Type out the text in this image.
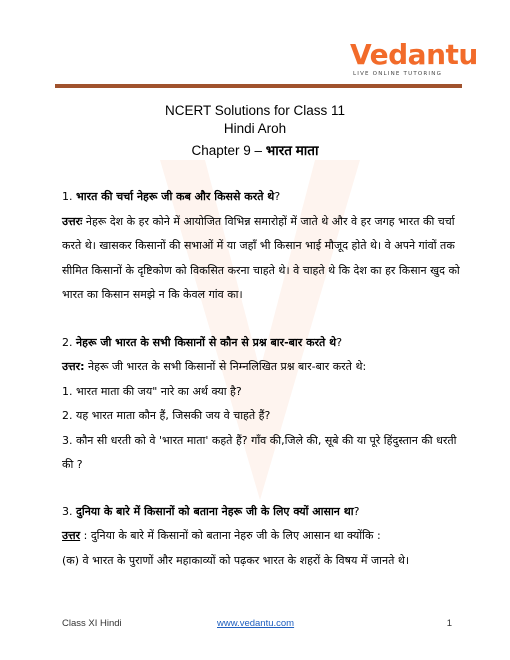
Vedantu
LIVE ONLINE TUTORING
NCERT Solutions for Class 11
Hindi Aroh
Chapter 9 – भारत माता

1. भारत की चर्चा नेहरू जी कब और किससे करते थे?

उत्तरः नेहरू देश के हर कोने में आयोजित विभिन्न समारोहों में जाते थे और वे हर जगह भारत की चर्चा करते थे। खासकर किसानों की सभाओं में या जहाँ भी किसान भाई मौजूद होते थे। वे अपने गांवों तक सीमित किसानों के दृष्टिकोण को विकसित करना चाहते थे। वे चाहते थे कि देश का हर किसान खुद को भारत का किसान समझे न कि केवल गांव का।

2. नेहरू जी भारत के सभी किसानों से कौन से प्रश्न बार-बार करते थे?

उत्तर: नेहरू जी भारत के सभी किसानों से निम्नलिखित प्रश्न बार-बार करते थे:

1. भारत माता की जय" नारे का अर्थ क्या है?

2. यह भारत माता कौन हैं, जिसकी जय वे चाहते हैं?

3. कौन सी धरती को वे 'भारत माता' कहते हैं? गाँव की,जिले की, सूबे की या पूरे हिंदुस्तान की धरती की ?

3. दुनिया के बारे में किसानों को बताना नेहरू जी के लिए क्यों आसान था?

उत्तर : दुनिया के बारे में किसानों को बताना नेहरु जी के लिए आसान था क्योंकि :

(क) वे भारत के पुराणों और महाकाव्यों को पढ़कर भारत के शहरों के विषय में जानते थे।

Class XI Hindi	www.vedantu.com	1
